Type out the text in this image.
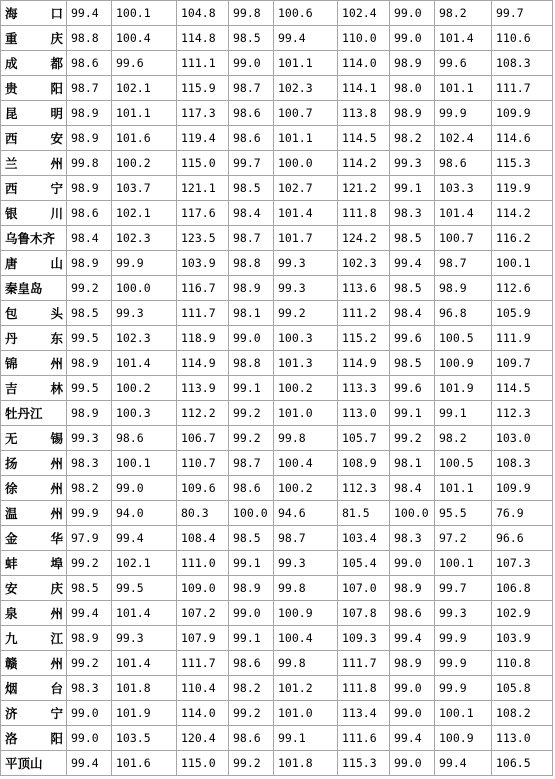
海 口	99.4	100.1	104.8	99.8	100.6	102.4	99.0	98.2	99.7

重 庆	98.8	100.4	114.8	98.5	99.4	110.0	99.0	101.4	110.6

成 都	98.6	99.6	111.1	99.0	101.1	114.0	98.9	99.6	108.3

贵 阳	98.7	102.1	115.9	98.7	102.3	114.1	98.0	101.1	111.7

昆 明	98.9	101.1	117.3	98.6	100.7	113.8	98.9	99.9	109.9

西 安	98.9	101.6	119.4	98.6	101.1	114.5	98.2	102.4	114.6

兰 州	99.8	100.2	115.0	99.7	100.0	114.2	99.3	98.6	115.3

西 宁	98.9	103.7	121.1	98.5	102.7	121.2	99.1	103.3	119.9

银 川	98.6	102.1	117.6	98.4	101.4	111.8	98.3	101.4	114.2

乌鲁木齐	98.4	102.3	123.5	98.7	101.7	124.2	98.5	100.7	116.2

唐 山	98.9	99.9	103.9	98.8	99.3	102.3	99.4	98.7	100.1

秦皇岛	99.2	100.0	116.7	98.9	99.3	113.6	98.5	98.9	112.6

包 头	98.5	99.3	111.7	98.1	99.2	111.2	98.4	96.8	105.9

丹 东	99.5	102.3	118.9	99.0	100.3	115.2	99.6	100.5	111.9

锦 州	98.9	101.4	114.9	98.8	101.3	114.9	98.5	100.9	109.7

吉 林	99.5	100.2	113.9	99.1	100.2	113.3	99.6	101.9	114.5

牡丹江	98.9	100.3	112.2	99.2	101.0	113.0	99.1	99.1	112.3

无 锡	99.3	98.6	106.7	99.2	99.8	105.7	99.2	98.2	103.0

扬 州	98.3	100.1	110.7	98.7	100.4	108.9	98.1	100.5	108.3

徐 州	98.2	99.0	109.6	98.6	100.2	112.3	98.4	101.1	109.9

温 州	99.9	94.0	80.3	100.0	94.6	81.5	100.0	95.5	76.9

金 华	97.9	99.4	108.4	98.5	98.7	103.4	98.3	97.2	96.6

蚌 埠	99.2	102.1	111.0	99.1	99.3	105.4	99.0	100.1	107.3

安 庆	98.5	99.5	109.0	98.9	99.8	107.0	98.9	99.7	106.8

泉 州	99.4	101.4	107.2	99.0	100.9	107.8	98.6	99.3	102.9

九 江	98.9	99.3	107.9	99.1	100.4	109.3	99.4	99.9	103.9

赣 州	99.2	101.4	111.7	98.6	99.8	111.7	98.9	99.9	110.8

烟 台	98.3	101.8	110.4	98.2	101.2	111.8	99.0	99.9	105.8

济 宁	99.0	101.9	114.0	99.2	101.0	113.4	99.0	100.1	108.2

洛 阳	99.0	103.5	120.4	98.6	99.1	111.6	99.4	100.9	113.0

平顶山	99.4	101.6	115.0	99.2	101.8	115.3	99.0	99.4	106.5
